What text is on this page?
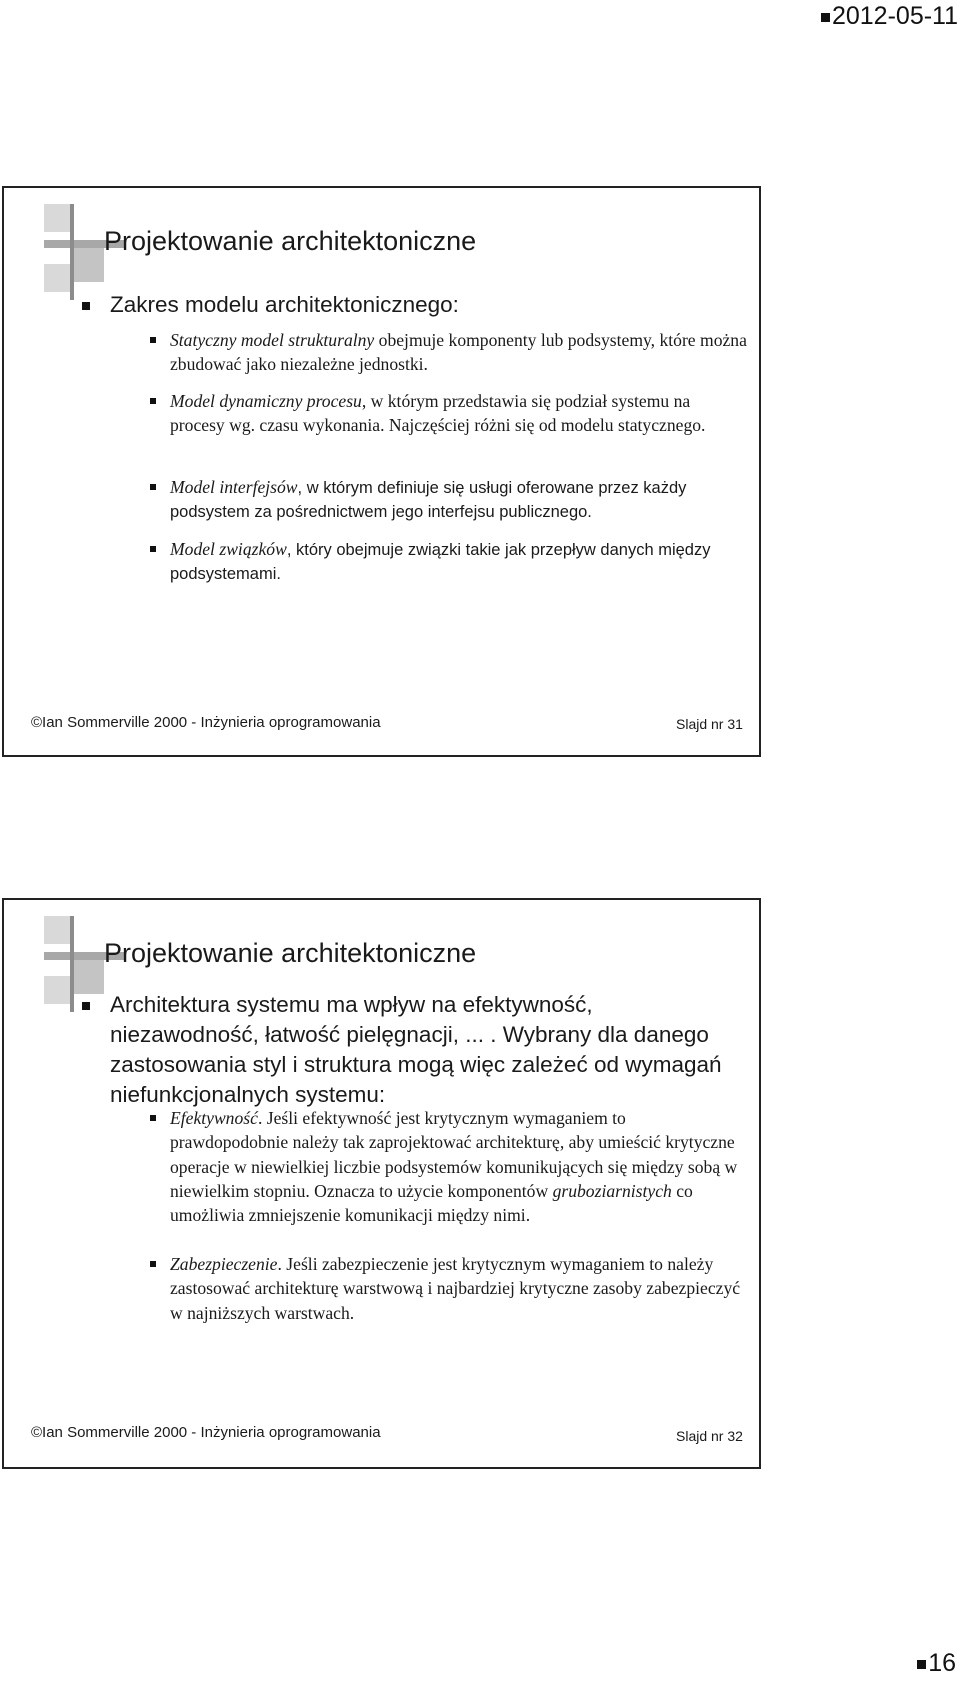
2012-05-11
Projektowanie architektoniczne
Zakres modelu architektonicznego:
Statyczny model strukturalny obejmuje komponenty lub podsystemy, które można zbudować jako niezależne jednostki.
Model dynamiczny procesu, w którym przedstawia się podział systemu na procesy wg. czasu wykonania. Najczęściej różni się od modelu statycznego.
Model interfejsów, w którym definiuje się usługi oferowane przez każdy podsystem za pośrednictwem jego interfejsu publicznego.
Model związków, który obejmuje związki takie jak przepływ danych między podsystemami.
©Ian Sommerville 2000 - Inżynieria oprogramowania	Slajd nr 31
Projektowanie architektoniczne
Architektura systemu ma wpływ na efektywność, niezawodność, łatwość pielęgnacji, ... . Wybrany dla danego zastosowania styl i struktura mogą więc zależeć od wymagań niefunkcjonalnych systemu:
Efektywność. Jeśli efektywność jest krytycznym wymaganiem to prawdopodobnie należy tak zaprojektować architekturę, aby umieścić krytyczne operacje w niewielkiej liczbie podsystemów komunikujących się między sobą w niewielkim stopniu. Oznacza to użycie komponentów gruboziarnistych co umożliwia zmniejszenie komunikacji między nimi.
Zabezpieczenie. Jeśli zabezpieczenie jest krytycznym wymaganiem to należy zastosować architekturę warstwową i najbardziej krytyczne zasoby zabezpieczyć w najniższych warstwach.
©Ian Sommerville 2000 - Inżynieria oprogramowania	Slajd nr 32
16
